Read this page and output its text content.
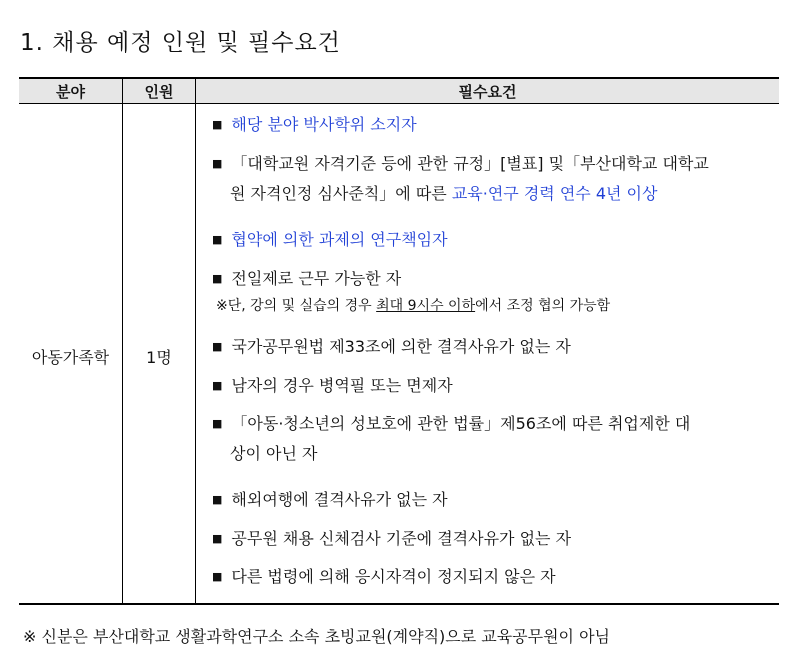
1. 채용 예정 인원 및 필수요건
분야	인원	필수요건
아동가족학	1명
■ 해당 분야 박사학위 소지자
■ 「대학교원 자격기준 등에 관한 규정」[별표] 및「부산대학교 대학교
원 자격인정 심사준칙」에 따른 교육·연구 경력 연수 4년 이상
■ 협약에 의한 과제의 연구책임자
■ 전일제로 근무 가능한 자
※단, 강의 및 실습의 경우 최대 9시수 이하에서 조정 협의 가능함
■ 국가공무원법 제33조에 의한 결격사유가 없는 자
■ 남자의 경우 병역필 또는 면제자
■ 「아동·청소년의 성보호에 관한 법률」제56조에 따른 취업제한 대
상이 아닌 자
■ 해외여행에 결격사유가 없는 자
■ 공무원 채용 신체검사 기준에 결격사유가 없는 자
■ 다른 법령에 의해 응시자격이 정지되지 않은 자
※ 신분은 부산대학교 생활과학연구소 소속 초빙교원(계약직)으로 교육공무원이 아님
